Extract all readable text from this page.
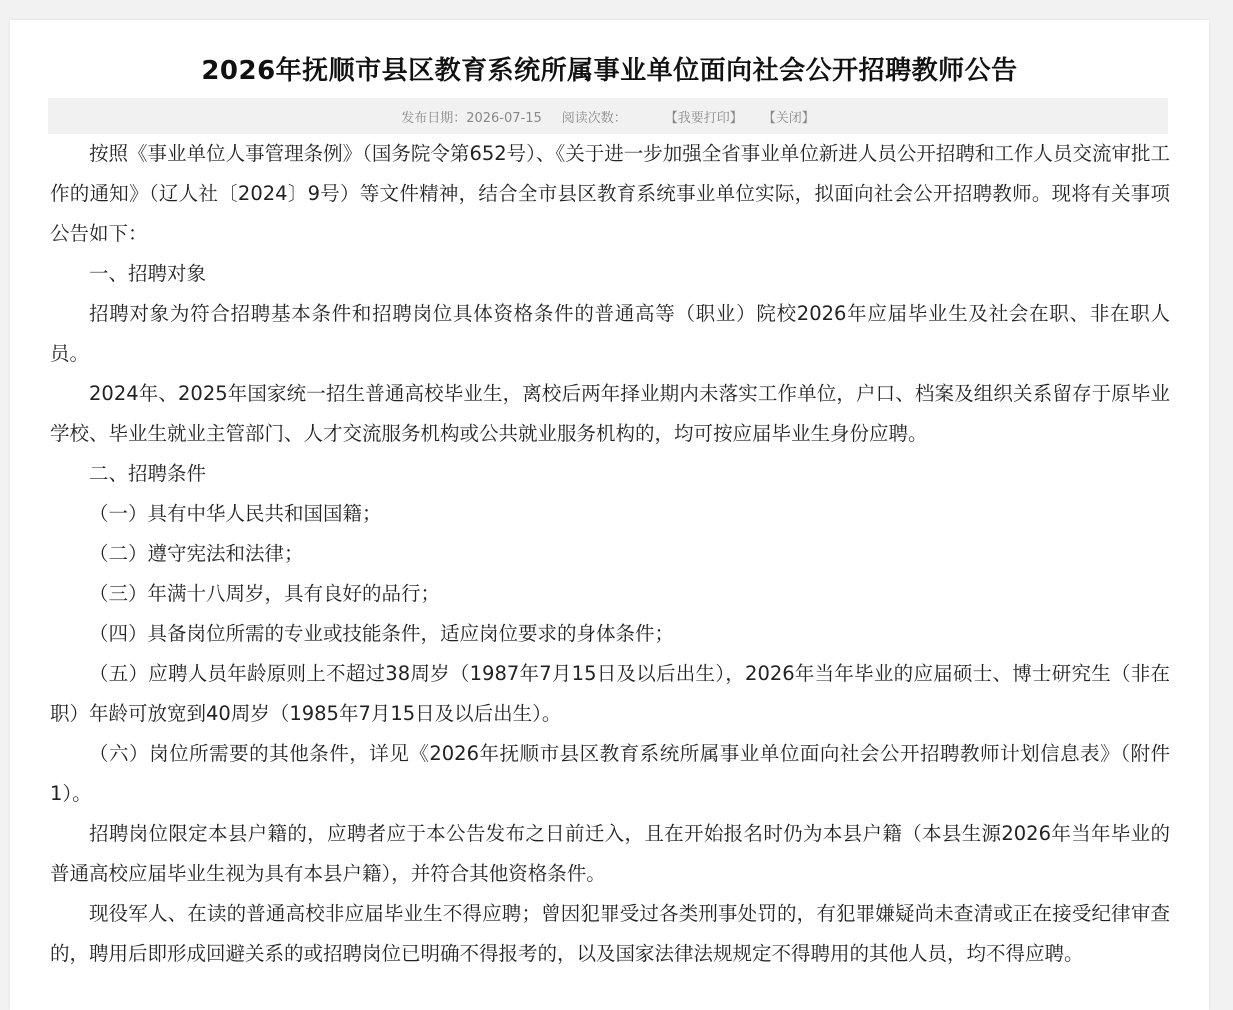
2026年抚顺市县区教育系统所属事业单位面向社会公开招聘教师公告
发布日期：2026-07-15 阅读次数：	【我要打印】 【关闭】

按照《事业单位人事管理条例》（国务院令第652号）、《关于进一步加强全省事业单位新进人员公开招聘和工作人员交流审批工作的通知》（辽人社〔2024〕9号）等文件精神，结合全市县区教育系统事业单位实际，拟面向社会公开招聘教师。现将有关事项公告如下：

一、招聘对象

招聘对象为符合招聘基本条件和招聘岗位具体资格条件的普通高等（职业）院校2026年应届毕业生及社会在职、非在职人员。

2024年、2025年国家统一招生普通高校毕业生，离校后两年择业期内未落实工作单位，户口、档案及组织关系留存于原毕业学校、毕业生就业主管部门、人才交流服务机构或公共就业服务机构的，均可按应届毕业生身份应聘。

二、招聘条件

（一）具有中华人民共和国国籍；

（二）遵守宪法和法律；

（三）年满十八周岁，具有良好的品行；

（四）具备岗位所需的专业或技能条件，适应岗位要求的身体条件；

（五）应聘人员年龄原则上不超过38周岁（1987年7月15日及以后出生），2026年当年毕业的应届硕士、博士研究生（非在职）年龄可放宽到40周岁（1985年7月15日及以后出生）。

（六）岗位所需要的其他条件，详见《2026年抚顺市县区教育系统所属事业单位面向社会公开招聘教师计划信息表》（附件1）。

招聘岗位限定本县户籍的，应聘者应于本公告发布之日前迁入，且在开始报名时仍为本县户籍（本县生源2026年当年毕业的普通高校应届毕业生视为具有本县户籍），并符合其他资格条件。

现役军人、在读的普通高校非应届毕业生不得应聘；曾因犯罪受过各类刑事处罚的，有犯罪嫌疑尚未查清或正在接受纪律审查的，聘用后即形成回避关系的或招聘岗位已明确不得报考的，以及国家法律法规规定不得聘用的其他人员，均不得应聘。
